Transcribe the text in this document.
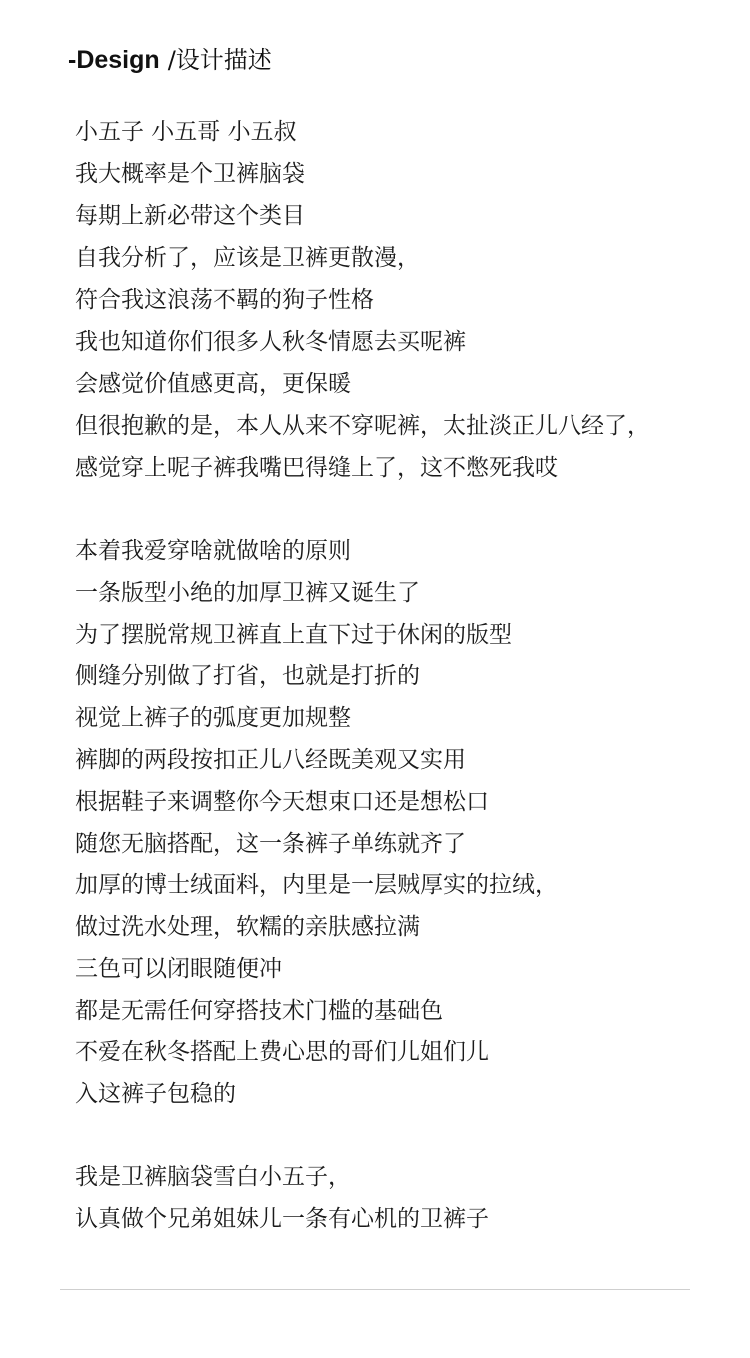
-Design /设计描述
小五子 小五哥 小五叔
我大概率是个卫裤脑袋
每期上新必带这个类目
自我分析了，应该是卫裤更散漫，
符合我这浪荡不羁的狗子性格
我也知道你们很多人秋冬情愿去买呢裤
会感觉价值感更高，更保暖
但很抱歉的是，本人从来不穿呢裤，太扯淡正儿八经了，
感觉穿上呢子裤我嘴巴得缝上了，这不憋死我哎
本着我爱穿啥就做啥的原则
一条版型小绝的加厚卫裤又诞生了
为了摆脱常规卫裤直上直下过于休闲的版型
侧缝分别做了打省，也就是打折的
视觉上裤子的弧度更加规整
裤脚的两段按扣正儿八经既美观又实用
根据鞋子来调整你今天想束口还是想松口
随您无脑搭配，这一条裤子单练就齐了
加厚的博士绒面料，内里是一层贼厚实的拉绒，
做过洗水处理，软糯的亲肤感拉满
三色可以闭眼随便冲
都是无需任何穿搭技术门槛的基础色
不爱在秋冬搭配上费心思的哥们儿姐们儿
入这裤子包稳的
我是卫裤脑袋雪白小五子，
认真做个兄弟姐妹儿一条有心机的卫裤子
